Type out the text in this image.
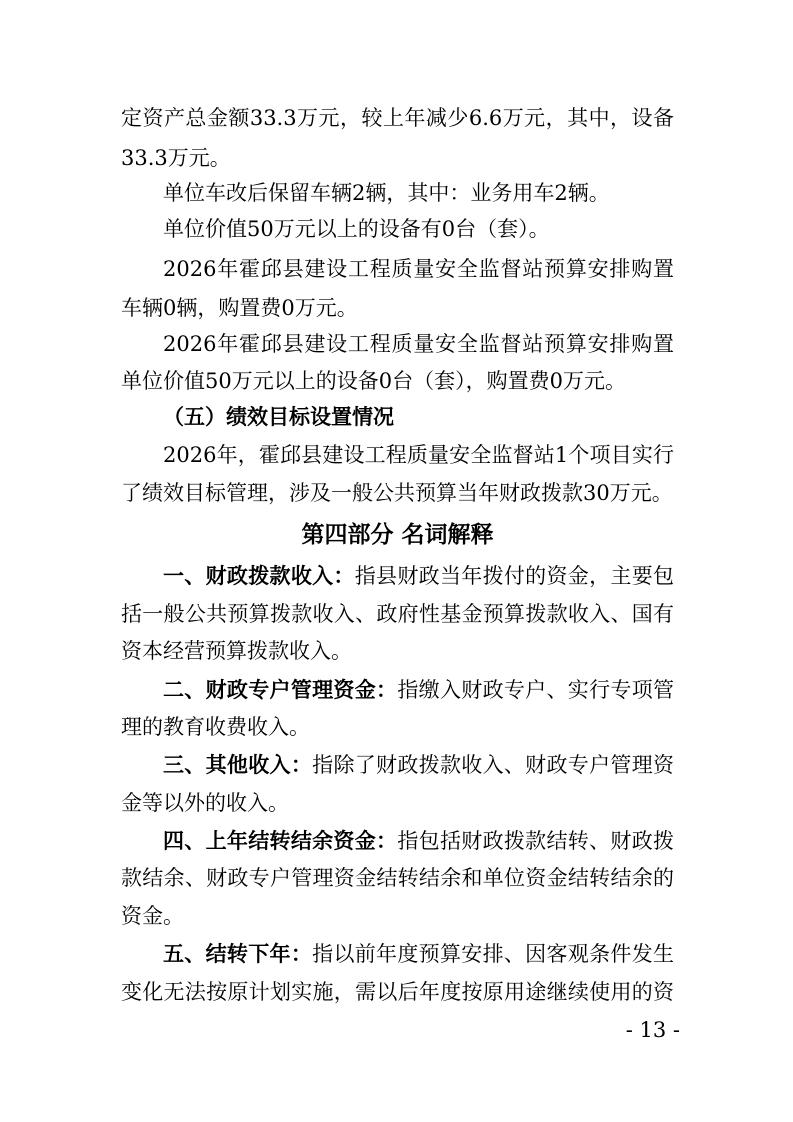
定资产总金额33.3万元，较上年减少6.6万元，其中，设备
33.3万元。
单位车改后保留车辆2辆，其中：业务用车2辆。
单位价值50万元以上的设备有0台（套）。
2026年霍邱县建设工程质量安全监督站预算安排购置
车辆0辆，购置费0万元。
2026年霍邱县建设工程质量安全监督站预算安排购置
单位价值50万元以上的设备0台（套），购置费0万元。
（五）绩效目标设置情况
2026年，霍邱县建设工程质量安全监督站1个项目实行
了绩效目标管理，涉及一般公共预算当年财政拨款30万元。
第四部分 名词解释
一、财政拨款收入：指县财政当年拨付的资金，主要包
括一般公共预算拨款收入、政府性基金预算拨款收入、国有
资本经营预算拨款收入。
二、财政专户管理资金：指缴入财政专户、实行专项管
理的教育收费收入。
三、其他收入：指除了财政拨款收入、财政专户管理资
金等以外的收入。
四、上年结转结余资金：指包括财政拨款结转、财政拨
款结余、财政专户管理资金结转结余和单位资金结转结余的
资金。
五、结转下年：指以前年度预算安排、因客观条件发生
变化无法按原计划实施，需以后年度按原用途继续使用的资
- 13 -
